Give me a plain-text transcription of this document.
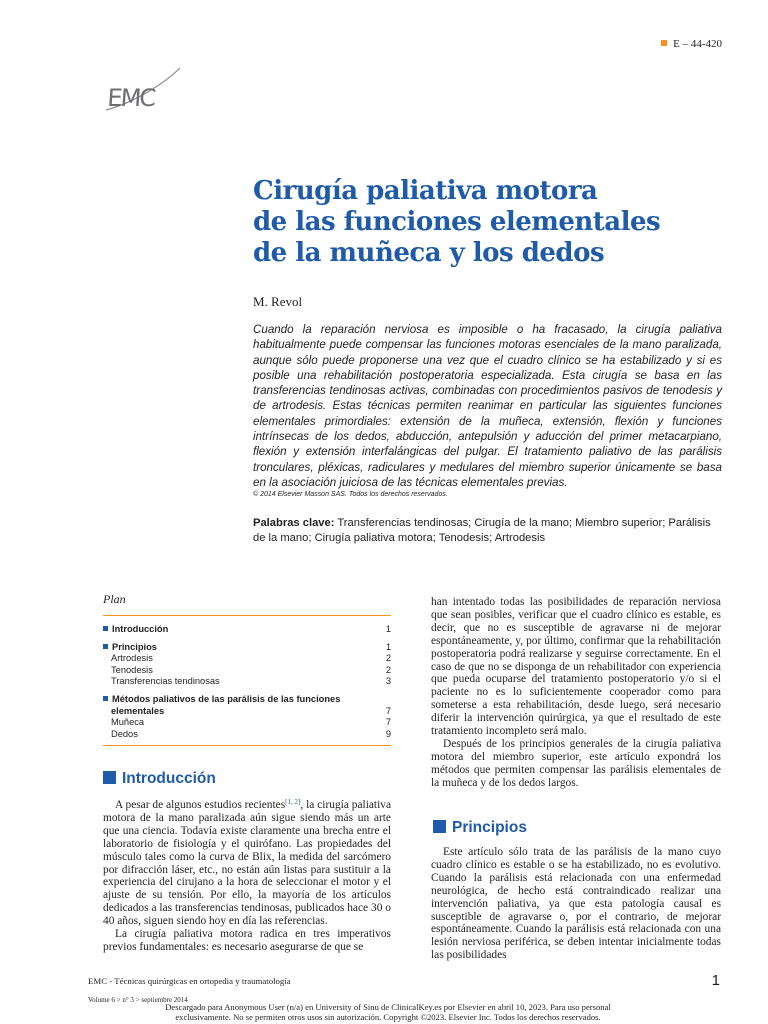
E – 44-420
EMC
Cirugía paliativa motora
de las funciones elementales
de la muñeca y los dedos
M. Revol
Cuando la reparación nerviosa es imposible o ha fracasado, la cirugía paliativa habitualmente puede compensar las funciones motoras esenciales de la mano paralizada, aunque sólo puede proponerse una vez que el cuadro clínico se ha estabilizado y si es posible una rehabilitación postoperatoria especializada. Esta cirugía se basa en las transferencias tendinosas activas, combinadas con procedimientos pasivos de tenodesis y de artrodesis. Estas técnicas permiten reanimar en particular las siguientes funciones elementales primordiales: extensión de la muñeca, extensión, flexión y funciones intrínsecas de los dedos, abducción, antepulsión y aducción del primer metacarpiano, flexión y extensión interfalángicas del pulgar. El tratamiento paliativo de las parálisis tronculares, pléxicas, radiculares y medulares del miembro superior únicamente se basa en la asociación juiciosa de las técnicas elementales previas.
© 2014 Elsevier Masson SAS. Todos los derechos reservados.
Palabras clave: Transferencias tendinosas; Cirugía de la mano; Miembro superior; Parálisis de la mano; Cirugía paliativa motora; Tenodesis; Artrodesis
Plan
Introducción	1
Principios	1
Artrodesis	2
Tenodesis	2
Transferencias tendinosas	3
Métodos paliativos de las parálisis de las funciones
elementales	7
Muñeca	7
Dedos	9
Introducción

A pesar de algunos estudios recientes[1, 2], la cirugía paliativa motora de la mano paralizada aún sigue siendo más un arte que una ciencia. Todavía existe claramente una brecha entre el laboratorio de fisiología y el quirófano. Las propiedades del músculo tales como la curva de Blix, la medida del sarcómero por difracción láser, etc., no están aún listas para sustituir a la experiencia del cirujano a la hora de seleccionar el motor y el ajuste de su tensión. Por ello, la mayoría de los artículos dedicados a las transferencias tendinosas, publicados hace 30 o 40 años, siguen siendo hoy en día las referencias.

La cirugía paliativa motora radica en tres imperativos previos fundamentales: es necesario asegurarse de que se

han intentado todas las posibilidades de reparación nerviosa que sean posibles, verificar que el cuadro clínico es estable, es decir, que no es susceptible de agravarse ni de mejorar espontáneamente, y, por último, confirmar que la rehabilitación postoperatoria podrá realizarse y seguirse correctamente. En el caso de que no se disponga de un rehabilitador con experiencia que pueda ocuparse del tratamiento postoperatorio y/o si el paciente no es lo suficientemente cooperador como para someterse a esta rehabilitación, desde luego, será necesario diferir la intervención quirúrgica, ya que el resultado de este tratamiento incompleto será malo.

Después de los principios generales de la cirugía paliativa motora del miembro superior, este artículo expondrá los métodos que permiten compensar las parálisis elementales de la muñeca y de los dedos largos.

Principios

Este artículo sólo trata de las parálisis de la mano cuyo cuadro clínico es estable o se ha estabilizado, no es evolutivo. Cuando la parálisis está relacionada con una enfermedad neurológica, de hecho está contraindicado realizar una intervención paliativa, ya que esta patología causal es susceptible de agravarse o, por el contrario, de mejorar espontáneamente. Cuando la parálisis está relacionada con una lesión nerviosa periférica, se deben intentar inicialmente todas las posibilidades

EMC - Técnicas quirúrgicas en ortopedia y traumatología	1
Volume 6 > n° 3 > septiembre 2014
Descargado para Anonymous User (n/a) en University of Sinu de ClinicalKey.es por Elsevier en abril 10, 2023. Para uso personal
exclusivamente. No se permiten otros usos sin autorización. Copyright ©2023. Elsevier Inc. Todos los derechos reservados.
